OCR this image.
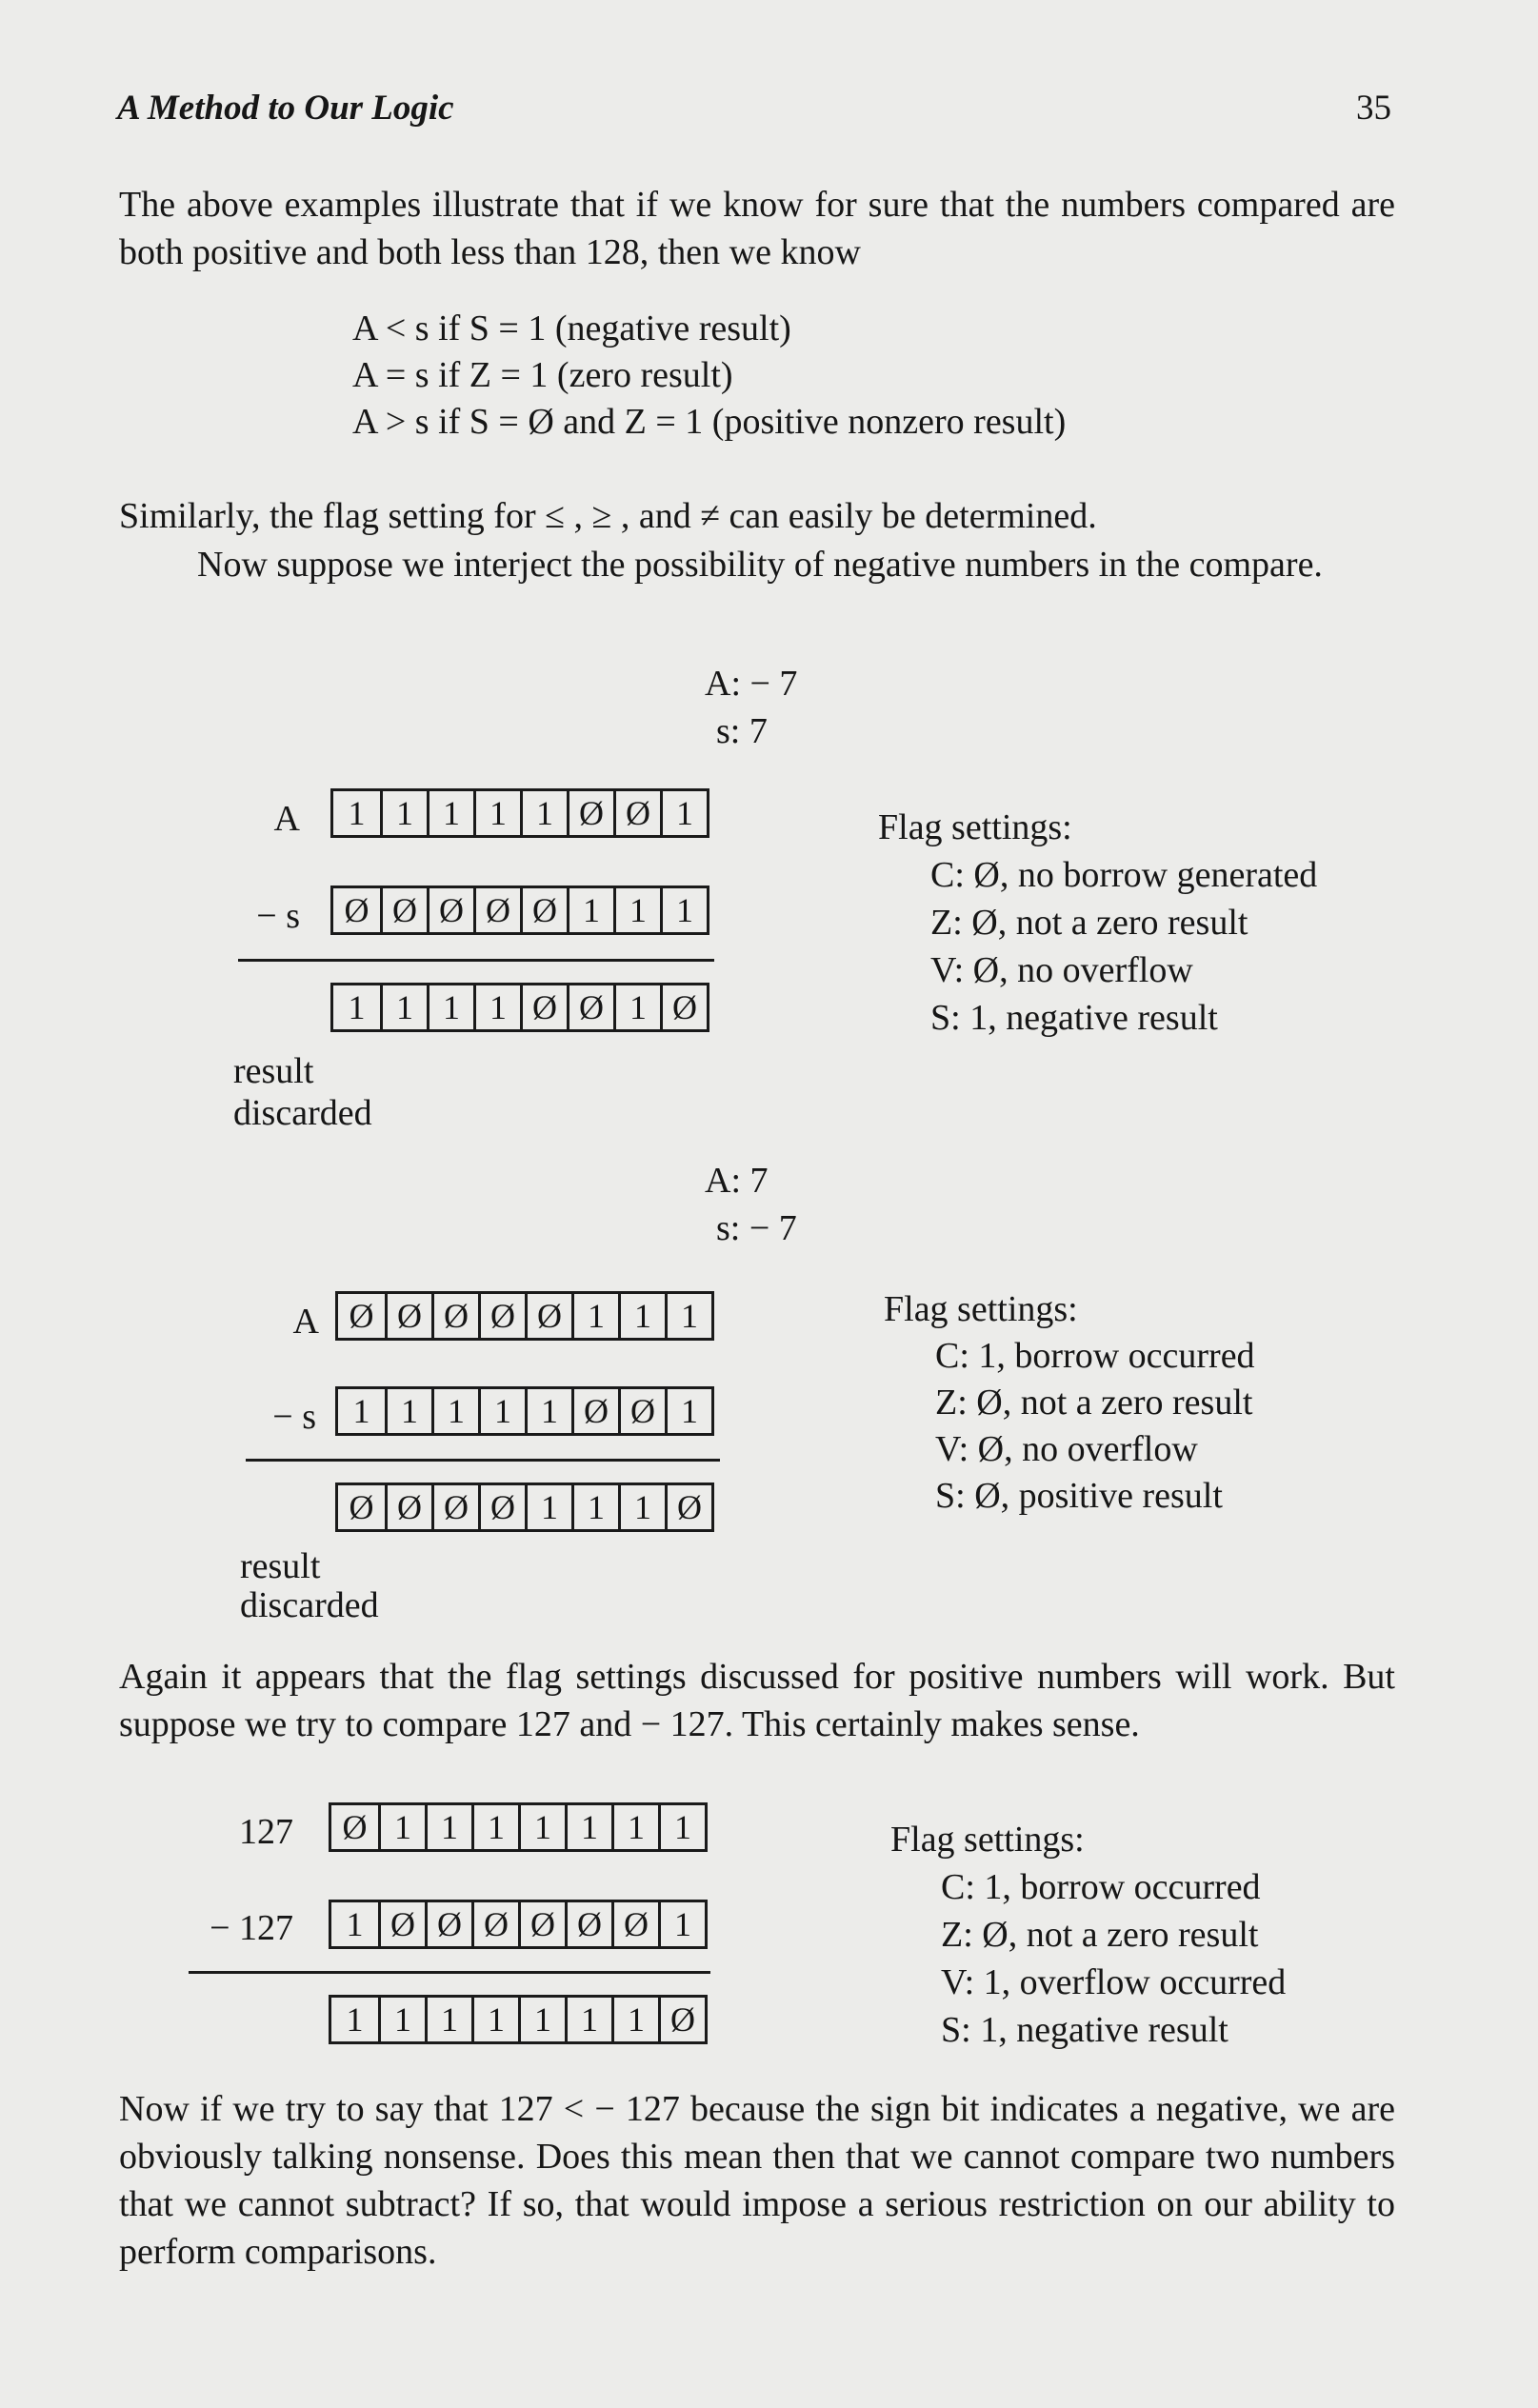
A Method to Our Logic	35
The above examples illustrate that if we know for sure that the numbers compared are both positive and both less than 128, then we know
A < s if S = 1 (negative result)
A = s if Z = 1 (zero result)
A > s if S = Ø and Z = 1 (positive nonzero result)
Similarly, the flag setting for ≤ , ≥ , and ≠ can easily be determined.
Now suppose we interject the possibility of negative numbers in the compare.
A: − 7
s: 7
A	1 1 1 1 1 Ø Ø 1
− s	Ø Ø Ø Ø Ø 1 1 1
1 1 1 1 Ø Ø 1 Ø
result
discarded
Flag settings:
C: Ø, no borrow generated
Z: Ø, not a zero result
V: Ø, no overflow
S: 1, negative result
A: 7
s: − 7
A Ø Ø Ø Ø Ø 1 1 1
− s	1 1 1 1 1 Ø Ø 1
Ø Ø Ø Ø 1 1 1 Ø
result
discarded
Flag settings:
C: 1, borrow occurred
Z: Ø, not a zero result
V: Ø, no overflow
S: Ø, positive result
Again it appears that the flag settings discussed for positive numbers will work. But suppose we try to compare 127 and − 127. This certainly makes sense.
127	Ø 1 1 1 1 1 1 1
− 127	1 Ø Ø Ø Ø Ø Ø 1
1 1 1 1 1 1 1 Ø
Flag settings:
C: 1, borrow occurred
Z: Ø, not a zero result
V: 1, overflow occurred
S: 1, negative result
Now if we try to say that 127 < − 127 because the sign bit indicates a negative, we are obviously talking nonsense. Does this mean then that we cannot compare two numbers that we cannot subtract? If so, that would impose a serious restriction on our ability to perform comparisons.
